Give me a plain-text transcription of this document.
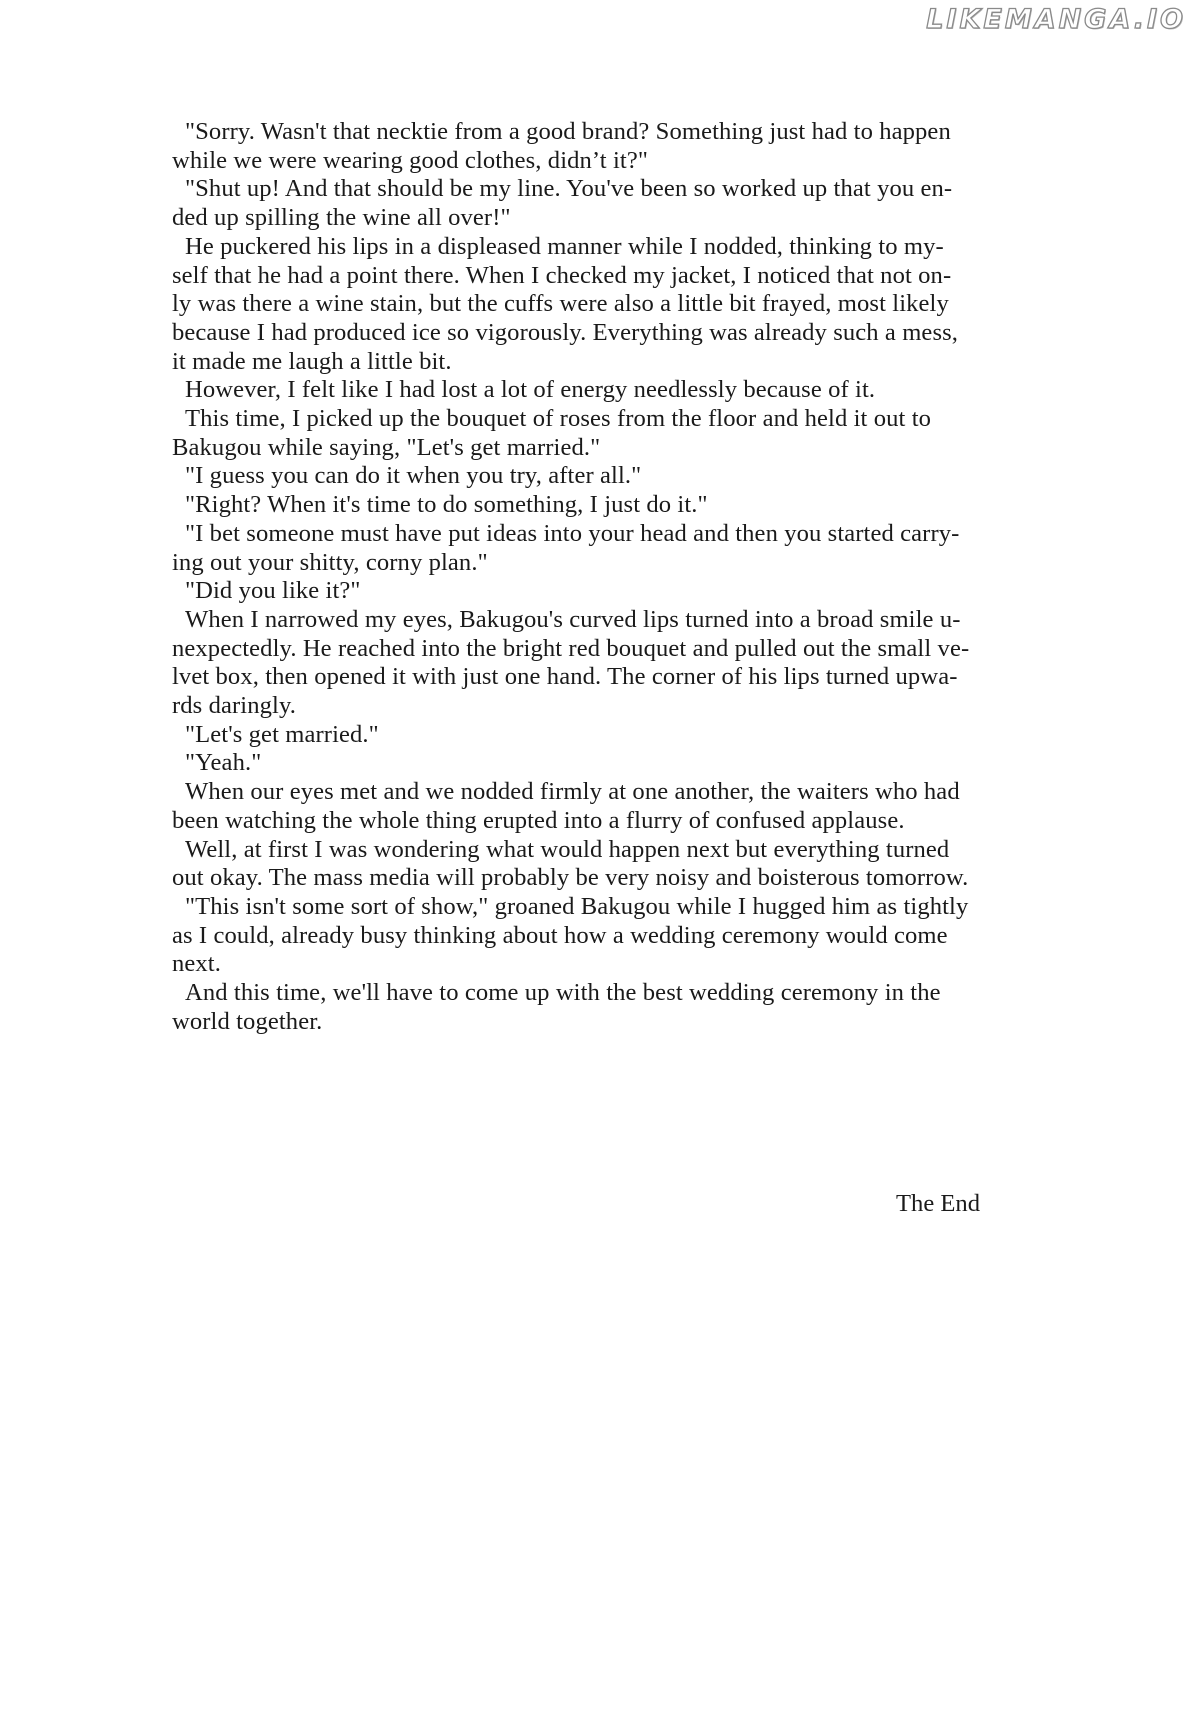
LIKEMANGA.IO
"Sorry. Wasn't that necktie from a good brand? Something just had to happen
while we were wearing good clothes, didn’t it?"
"Shut up! And that should be my line. You've been so worked up that you en-
ded up spilling the wine all over!"
He puckered his lips in a displeased manner while I nodded, thinking to my-
self that he had a point there. When I checked my jacket, I noticed that not on-
ly was there a wine stain, but the cuffs were also a little bit frayed, most likely
because I had produced ice so vigorously. Everything was already such a mess,
it made me laugh a little bit.
However, I felt like I had lost a lot of energy needlessly because of it.
This time, I picked up the bouquet of roses from the floor and held it out to
Bakugou while saying, "Let's get married."
"I guess you can do it when you try, after all."
"Right? When it's time to do something, I just do it."
"I bet someone must have put ideas into your head and then you started carry-
ing out your shitty, corny plan."
"Did you like it?"
When I narrowed my eyes, Bakugou's curved lips turned into a broad smile u-
nexpectedly. He reached into the bright red bouquet and pulled out the small ve-
lvet box, then opened it with just one hand. The corner of his lips turned upwa-
rds daringly.
"Let's get married."
"Yeah."
When our eyes met and we nodded firmly at one another, the waiters who had
been watching the whole thing erupted into a flurry of confused applause.
Well, at first I was wondering what would happen next but everything turned
out okay. The mass media will probably be very noisy and boisterous tomorrow.
"This isn't some sort of show," groaned Bakugou while I hugged him as tightly
as I could, already busy thinking about how a wedding ceremony would come
next.
And this time, we'll have to come up with the best wedding ceremony in the
world together.
The End
